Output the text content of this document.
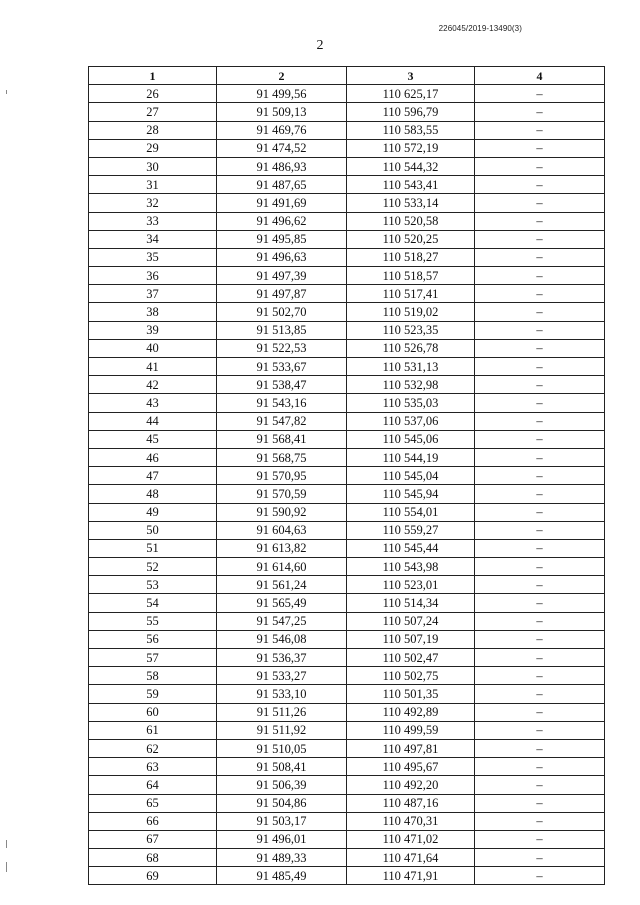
226045/2019-13490(3)
2
1	2	3	4
26	91 499,56	110 625,17	–
27	91 509,13	110 596,79	–
28	91 469,76	110 583,55	–
29	91 474,52	110 572,19	–
30	91 486,93	110 544,32	–
31	91 487,65	110 543,41	–
32	91 491,69	110 533,14	–
33	91 496,62	110 520,58	–
34	91 495,85	110 520,25	–
35	91 496,63	110 518,27	–
36	91 497,39	110 518,57	–
37	91 497,87	110 517,41	–
38	91 502,70	110 519,02	–
39	91 513,85	110 523,35	–
40	91 522,53	110 526,78	–
41	91 533,67	110 531,13	–
42	91 538,47	110 532,98	–
43	91 543,16	110 535,03	–
44	91 547,82	110 537,06	–
45	91 568,41	110 545,06	–
46	91 568,75	110 544,19	–
47	91 570,95	110 545,04	–
48	91 570,59	110 545,94	–
49	91 590,92	110 554,01	–
50	91 604,63	110 559,27	–
51	91 613,82	110 545,44	–
52	91 614,60	110 543,98	–
53	91 561,24	110 523,01	–
54	91 565,49	110 514,34	–
55	91 547,25	110 507,24	–
56	91 546,08	110 507,19	–
57	91 536,37	110 502,47	–
58	91 533,27	110 502,75	–
59	91 533,10	110 501,35	–
60	91 511,26	110 492,89	–
61	91 511,92	110 499,59	–
62	91 510,05	110 497,81	–
63	91 508,41	110 495,67	–
64	91 506,39	110 492,20	–
65	91 504,86	110 487,16	–
66	91 503,17	110 470,31	–
67	91 496,01	110 471,02	–
68	91 489,33	110 471,64	–
69	91 485,49	110 471,91	–
